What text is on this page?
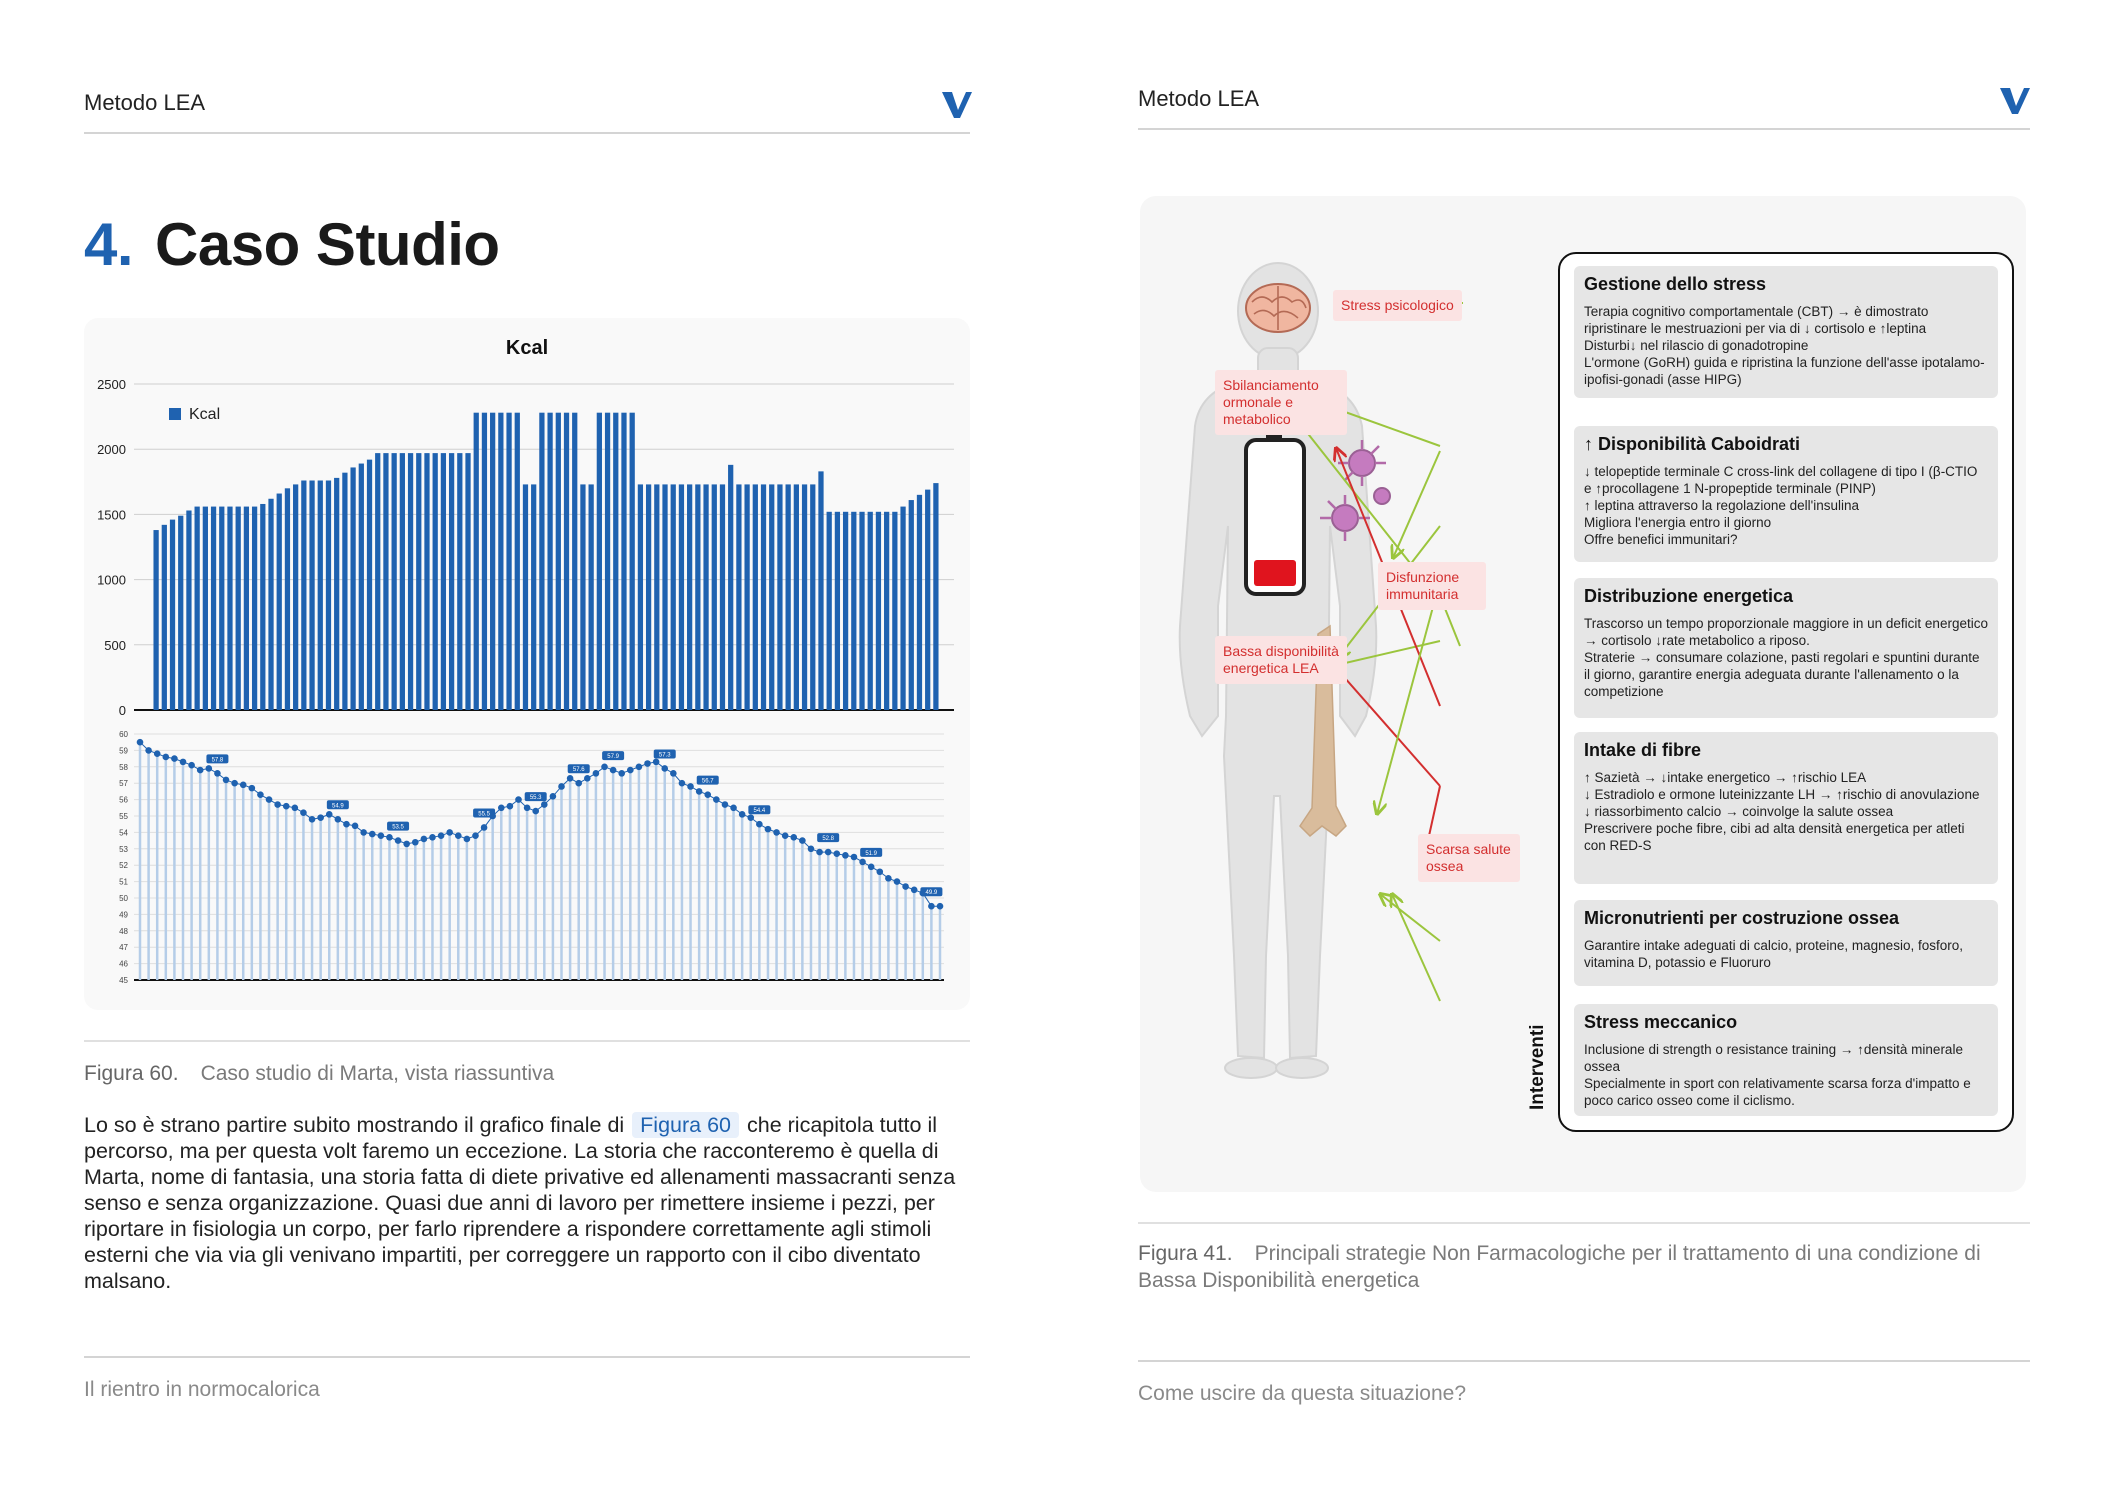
Metodo LEA
4. Caso Studio
Kcal
2500
2000
1500
1000
500
0
Kcal
60
59
58
57
56
55
54
53
52
51
50
49
48
47
46
45
57.8
54.9
53.5
55.5
55.3
57.6
57.9	57.3
56.7
54.4
52.8
51.9
49.9
Figura 60. Caso studio di Marta, vista riassuntiva
Lo so è strano partire subito mostrando il grafico finale di Figura 60 che ricapitola tutto il percorso, ma per questa volt faremo un eccezione. La storia che racconteremo è quella di Marta, nome di fantasia, una storia fatta di diete privative ed allenamenti massacranti senza senso e senza organizzazione. Quasi due anni di lavoro per rimettere insieme i pezzi, per riportare in fisiologia un corpo, per farlo riprendere a rispondere correttamente agli stimoli esterni che via via gli venivano impartiti, per correggere un rapporto con il cibo diventato malsano.
Il rientro in normocalorica
Metodo LEA
Stress psicologico
Sbilanciamento ormonale e metabolico
Disfunzione immunitaria
Bassa disponibilità energetica LEA
Scarsa salute ossea
Gestione dello stress

Terapia cognitivo comportamentale (CBT) → è dimostrato ripristinare le mestruazioni per via di ↓ cortisolo e ↑leptina

Disturbi↓ nel rilascio di gonadotropine

L'ormone (GoRH) guida e ripristina la funzione dell'asse ipotalamo-ipofisi-gonadi (asse HIPG)

↑ Disponibilità Caboidrati

↓ telopeptide terminale C cross-link del collagene di tipo I (β-CTIO e ↑procollagene 1 N-propeptide terminale (PINP)

↑ leptina attraverso la regolazione dell'insulina

Migliora l'energia entro il giorno

Offre benefici immunitari?

Distribuzione energetica

Trascorso un tempo proporzionale maggiore in un deficit energetico → cortisolo ↓rate metabolico a riposo.

Straterie → consumare colazione, pasti regolari e spuntini durante il giorno, garantire energia adeguata durante l'allenamento o la competizione

Intake di fibre

↑ Sazietà → ↓intake energetico → ↑rischio LEA

↓ Estradiolo e ormone luteinizzante LH → ↑rischio di anovulazione

↓ riassorbimento calcio → coinvolge la salute ossea

Prescrivere poche fibre, cibi ad alta densità energetica per atleti con RED-S

Micronutrienti per costruzione ossea

Garantire intake adeguati di calcio, proteine, magnesio, fosforo, vitamina D, potassio e Fluoruro

Stress meccanico

Inclusione di strength o resistance training → ↑densità minerale ossea

Specialmente in sport con relativamente scarsa forza d'impatto e poco carico osseo come il ciclismo.

Interventi
Figura 41. Principali strategie Non Farmacologiche per il trattamento di una condizione di Bassa Disponibilità energetica
Come uscire da questa situazione?
